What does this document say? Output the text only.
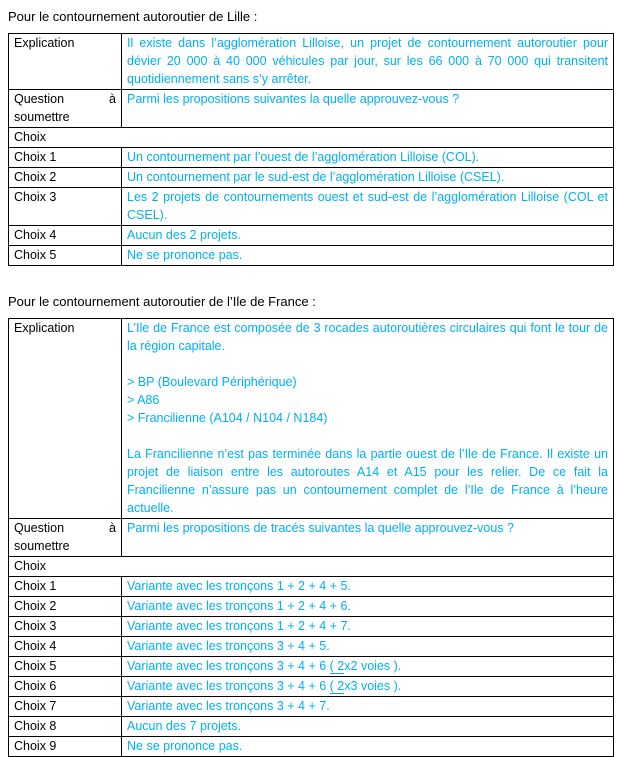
Pour le contournement autoroutier de Lille :
Explication	Il existe dans l’agglomération Lilloise, un projet de contournement autoroutier pour dévier 20 000 à 40 000 véhicules par jour, sur les 66 000 à 70 000 qui transitent quotidiennement sans s’y arrêter.
Question à soumettre	Parmi les propositions suivantes la quelle approuvez-vous ?
Choix	
Choix 1	Un contournement par l’ouest de l’agglomération Lilloise (COL).
Choix 2	Un contournement par le sud-est de l’agglomération Lilloise (CSEL).
Choix 3	Les 2 projets de contournements ouest et sud-est de l’agglomération Lilloise (COL et CSEL).
Choix 4	Aucun des 2 projets.
Choix 5	Ne se prononce pas.
Pour le contournement autoroutier de l’Ile de France :
Explication	L’Ile de France est composée de 3 rocades autoroutières circulaires qui font le tour de la région capitale.
> BP (Boulevard Périphérique)
> A86
> Francilienne (A104 / N104 / N184)
La Francilienne n’est pas terminée dans la partie ouest de l’Ile de France. Il existe un projet de liaison entre les autoroutes A14 et A15 pour les relier. De ce fait la Francilienne n’assure pas un contournement complet de l’Ile de France à l’heure actuelle.

Question à soumettre	Parmi les propositions de tracés suivantes la quelle approuvez-vous ?
Choix	
Choix 1	Variante avec les tronçons 1 + 2 + 4 + 5.
Choix 2	Variante avec les tronçons 1 + 2 + 4 + 6.
Choix 3	Variante avec les tronçons 1 + 2 + 4 + 7.
Choix 4	Variante avec les tronçons 3 + 4 + 5.
Choix 5	Variante avec les tronçons 3 + 4 + 6 ( 2x2 voies ).
Choix 6	Variante avec les tronçons 3 + 4 + 6 ( 2x3 voies ).
Choix 7	Variante avec les tronçons 3 + 4 + 7.
Choix 8	Aucun des 7 projets.
Choix 9	Ne se prononce pas.
